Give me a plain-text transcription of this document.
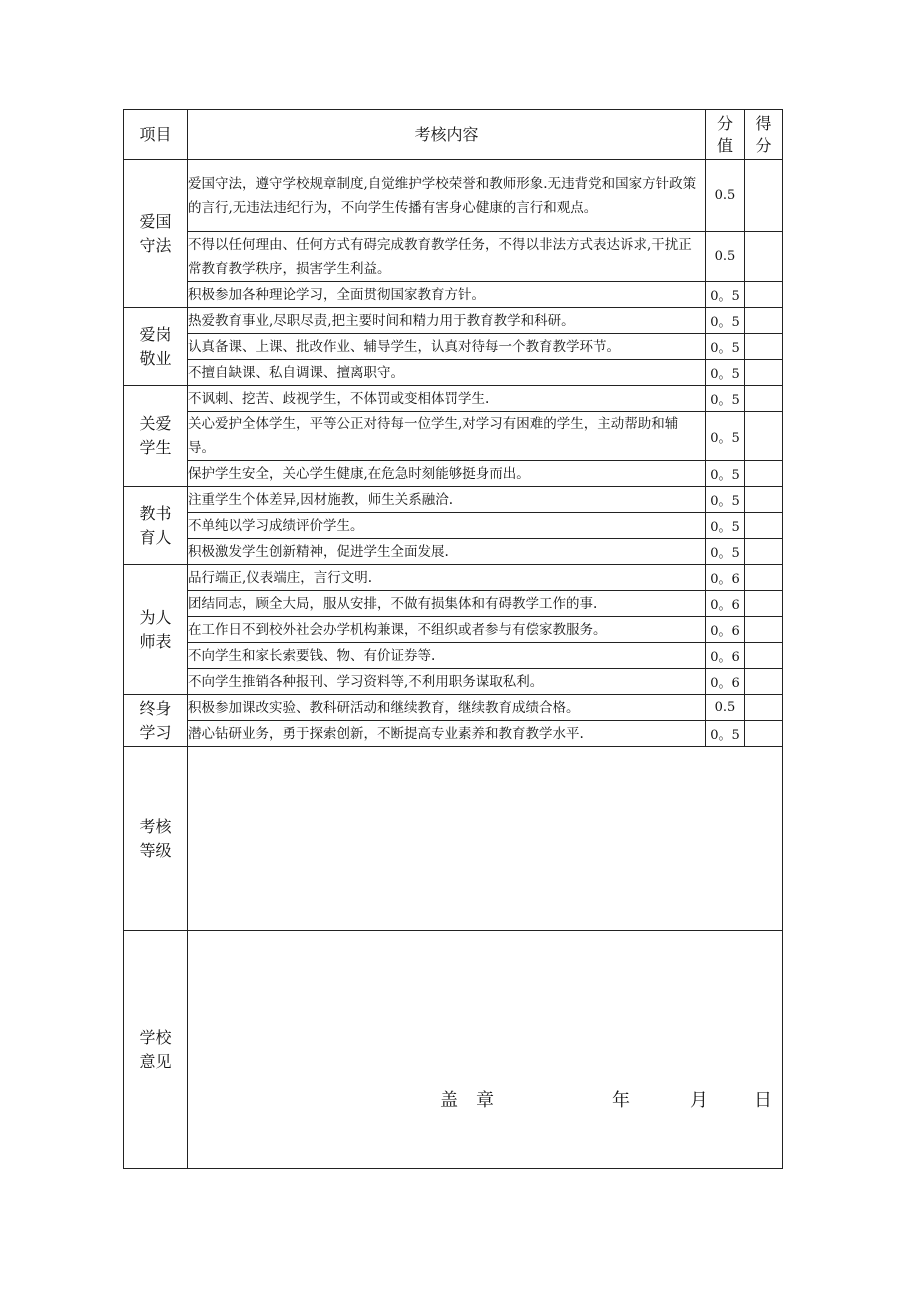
项目	考核内容	分值	得分
爱国守法	爱国守法，遵守学校规章制度,自觉维护学校荣誉和教师形象.无违背党和国家方针政策的言行,无违法违纪行为，不向学生传播有害身心健康的言行和观点。	0.5	
	不得以任何理由、任何方式有碍完成教育教学任务，不得以非法方式表达诉求,干扰正常教育教学秩序，损害学生利益。	0.5	
	积极参加各种理论学习，全面贯彻国家教育方针。	0。5	
爱岗敬业	热爱教育事业,尽职尽责,把主要时间和精力用于教育教学和科研。	0。5	
	认真备课、上课、批改作业、辅导学生，认真对待每一个教育教学环节。	0。5	
	不擅自缺课、私自调课、擅离职守。	0。5	
关爱学生	不讽刺、挖苦、歧视学生，不体罚或变相体罚学生.	0。5	
	关心爱护全体学生，平等公正对待每一位学生,对学习有困难的学生，主动帮助和辅导。	0。5	
	保护学生安全，关心学生健康,在危急时刻能够挺身而出。	0。5	
教书育人	注重学生个体差异,因材施教，师生关系融洽.	0。5	
	不单纯以学习成绩评价学生。	0。5	
	积极激发学生创新精神，促进学生全面发展.	0。5	
为人师表	品行端正,仪表端庄，言行文明.	0。6	
	团结同志，顾全大局，服从安排，不做有损集体和有碍教学工作的事.	0。6	
	在工作日不到校外社会办学机构兼课，不组织或者参与有偿家教服务。	0。6	
	不向学生和家长索要钱、物、有价证券等.	0。6	
	不向学生推销各种报刊、学习资料等,不利用职务谋取私利。	0。6	
终身学习	积极参加课改实验、教科研活动和继续教育，继续教育成绩合格。	0.5	
	潜心钻研业务，勇于探索创新，不断提高专业素养和教育教学水平.	0。5	
考核等级			
学校意见	盖　章 年 月 日		
